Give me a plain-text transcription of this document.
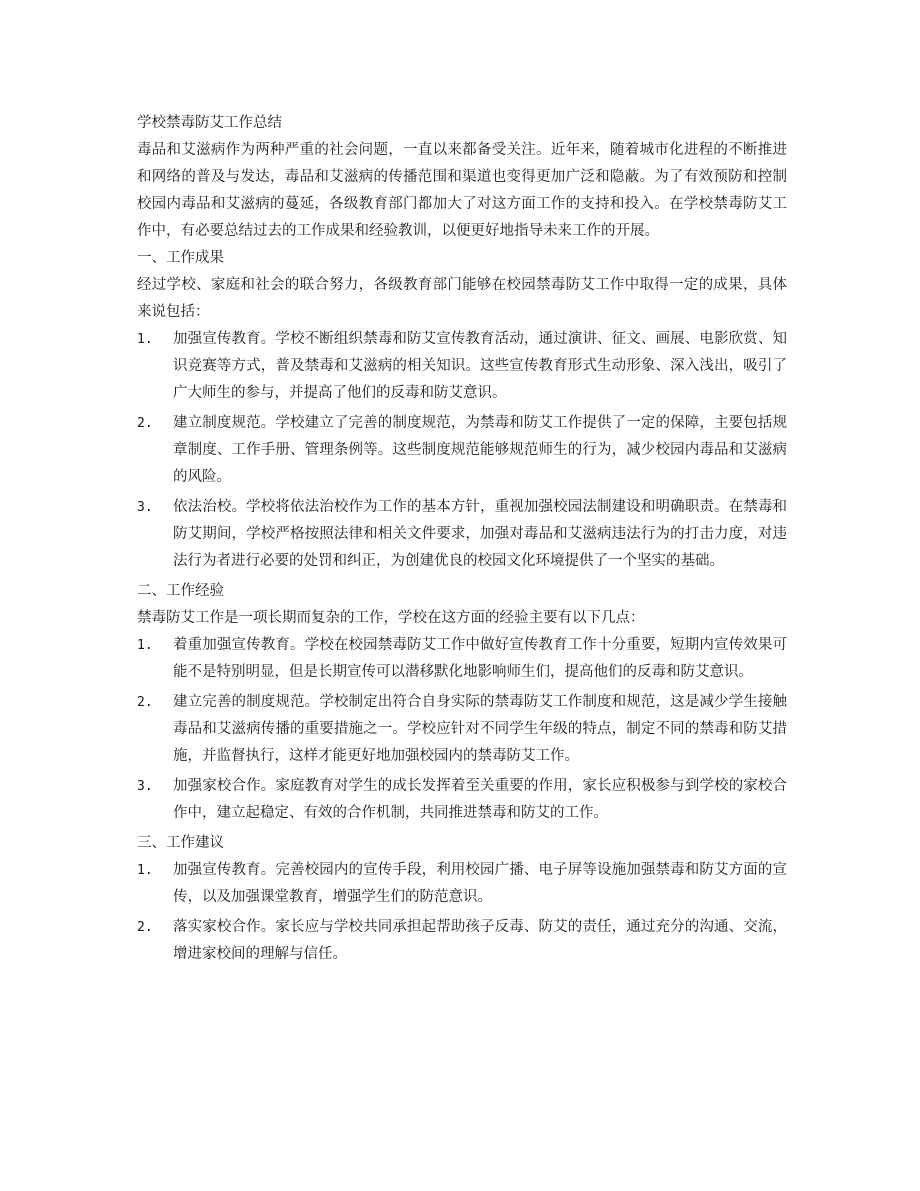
学校禁毒防艾工作总结

毒品和艾滋病作为两种严重的社会问题，一直以来都备受关注。近年来，随着城市化进程的不断推进和网络的普及与发达，毒品和艾滋病的传播范围和渠道也变得更加广泛和隐蔽。为了有效预防和控制校园内毒品和艾滋病的蔓延，各级教育部门都加大了对这方面工作的支持和投入。在学校禁毒防艾工作中，有必要总结过去的工作成果和经验教训，以便更好地指导未来工作的开展。

一、工作成果

经过学校、家庭和社会的联合努力，各级教育部门能够在校园禁毒防艾工作中取得一定的成果，具体来说包括：

1.	加强宣传教育。学校不断组织禁毒和防艾宣传教育活动，通过演讲、征文、画展、电影欣赏、知识竞赛等方式，普及禁毒和艾滋病的相关知识。这些宣传教育形式生动形象、深入浅出，吸引了广大师生的参与，并提高了他们的反毒和防艾意识。
2.	建立制度规范。学校建立了完善的制度规范，为禁毒和防艾工作提供了一定的保障，主要包括规章制度、工作手册、管理条例等。这些制度规范能够规范师生的行为，减少校园内毒品和艾滋病的风险。
3.	依法治校。学校将依法治校作为工作的基本方针，重视加强校园法制建设和明确职责。在禁毒和防艾期间，学校严格按照法律和相关文件要求，加强对毒品和艾滋病违法行为的打击力度，对违法行为者进行必要的处罚和纠正，为创建优良的校园文化环境提供了一个坚实的基础。

二、工作经验

禁毒防艾工作是一项长期而复杂的工作，学校在这方面的经验主要有以下几点：

1.	着重加强宣传教育。学校在校园禁毒防艾工作中做好宣传教育工作十分重要，短期内宣传效果可能不是特别明显，但是长期宣传可以潜移默化地影响师生们，提高他们的反毒和防艾意识。
2.	建立完善的制度规范。学校制定出符合自身实际的禁毒防艾工作制度和规范，这是减少学生接触毒品和艾滋病传播的重要措施之一。学校应针对不同学生年级的特点，制定不同的禁毒和防艾措施，并监督执行，这样才能更好地加强校园内的禁毒防艾工作。
3.	加强家校合作。家庭教育对学生的成长发挥着至关重要的作用，家长应积极参与到学校的家校合作中，建立起稳定、有效的合作机制，共同推进禁毒和防艾的工作。

三、工作建议

1.	加强宣传教育。完善校园内的宣传手段，利用校园广播、电子屏等设施加强禁毒和防艾方面的宣传，以及加强课堂教育，增强学生们的防范意识。
2.	落实家校合作。家长应与学校共同承担起帮助孩子反毒、防艾的责任，通过充分的沟通、交流，增进家校间的理解与信任。
